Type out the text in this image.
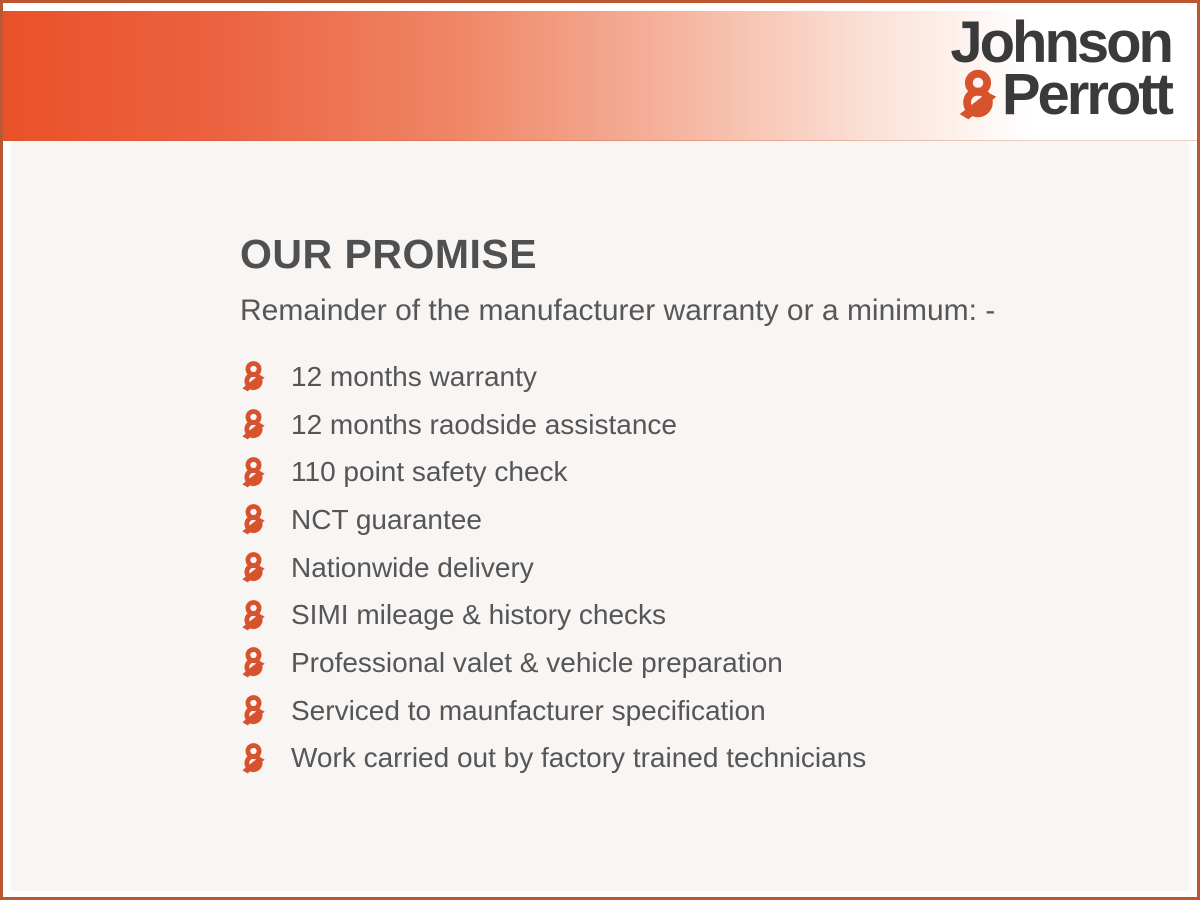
Johnson
Perrott
OUR PROMISE

Remainder of the manufacturer warranty or a minimum: -

12 months warranty
12 months raodside assistance
110 point safety check
NCT guarantee
Nationwide delivery
SIMI mileage & history checks
Professional valet & vehicle preparation
Serviced to maunfacturer specification
Work carried out by factory trained technicians
